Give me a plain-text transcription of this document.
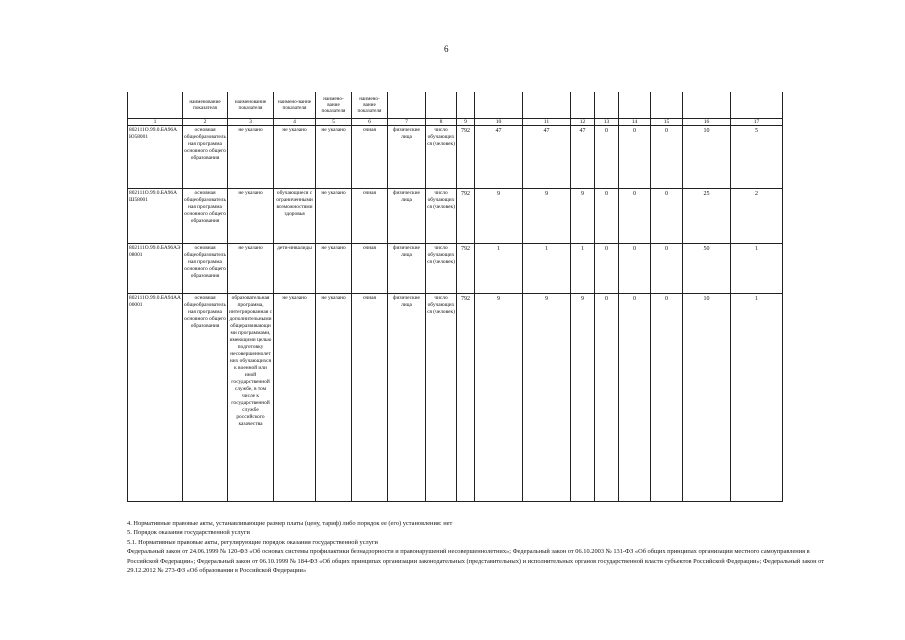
6
	наименование показателя	наименование показателя	наимено-вание показателя	наимено-вание показателя	наимено-вание показателя											
1	2	3	4	5	6	7	8	9	10	11	12	13	14	15	16	17
802111О.99.0.БА96АЮ58001	основная общеобразовательная программа основного общего образования	не указано	не указано	не указано	очная	физические лица	число обучающихся (человек)	792	47	47	47	0	0	0	10	5
802111О.99.0.БА96АШ58001	основная общеобразовательная программа основного общего образования	не указано	обучающиеся с ограниченными возможностями здоровья	не указано	очная	физические лица	число обучающихся (человек)	792	9	9	9	0	0	0	25	2
802111О.99.0.БА96АЭ08001	основная общеобразовательная программа основного общего образования	не указано	дети-инвалиды	не указано	очная	физические лица	число обучающихся (человек)	792	1	1	1	0	0	0	50	1
802111О.99.0.БА94АА00001	основная общеобразовательная программа основного общего образования	образовательная программа, интегрированная с дополнительными общеразвивающими программами, имеющими целью подготовку несовершеннолетних обучающихся к военной или иной государственной службе, в том числе к государственной службе российского казачества	не указано	не указано	очная	физические лица	число обучающихся (человек)	792	9	9	9	0	0	0	10	1
4. Нормативные правовые акты, устанавливающие размер платы (цену, тариф) либо порядок ее (его) установления: нет
5. Порядок оказания государственной услуги
5.1. Нормативные правовые акты, регулирующие порядок оказания государственной услуги
Федеральный закон от 24.06.1999 № 120-ФЗ «Об основах системы профилактики безнадзорности и правонарушений несовершеннолетних»; Федеральный закон от 06.10.2003 № 131-ФЗ «Об общих принципах организации местного самоуправления в Российской Федерации»; Федеральный закон от 06.10.1999 № 184-ФЗ «Об общих принципах организации законодательных (представительных) и исполнительных органов государственной власти субъектов Российской Федерации»; Федеральный закон от 29.12.2012 № 273-ФЗ «Об образовании в Российской Федерации»
